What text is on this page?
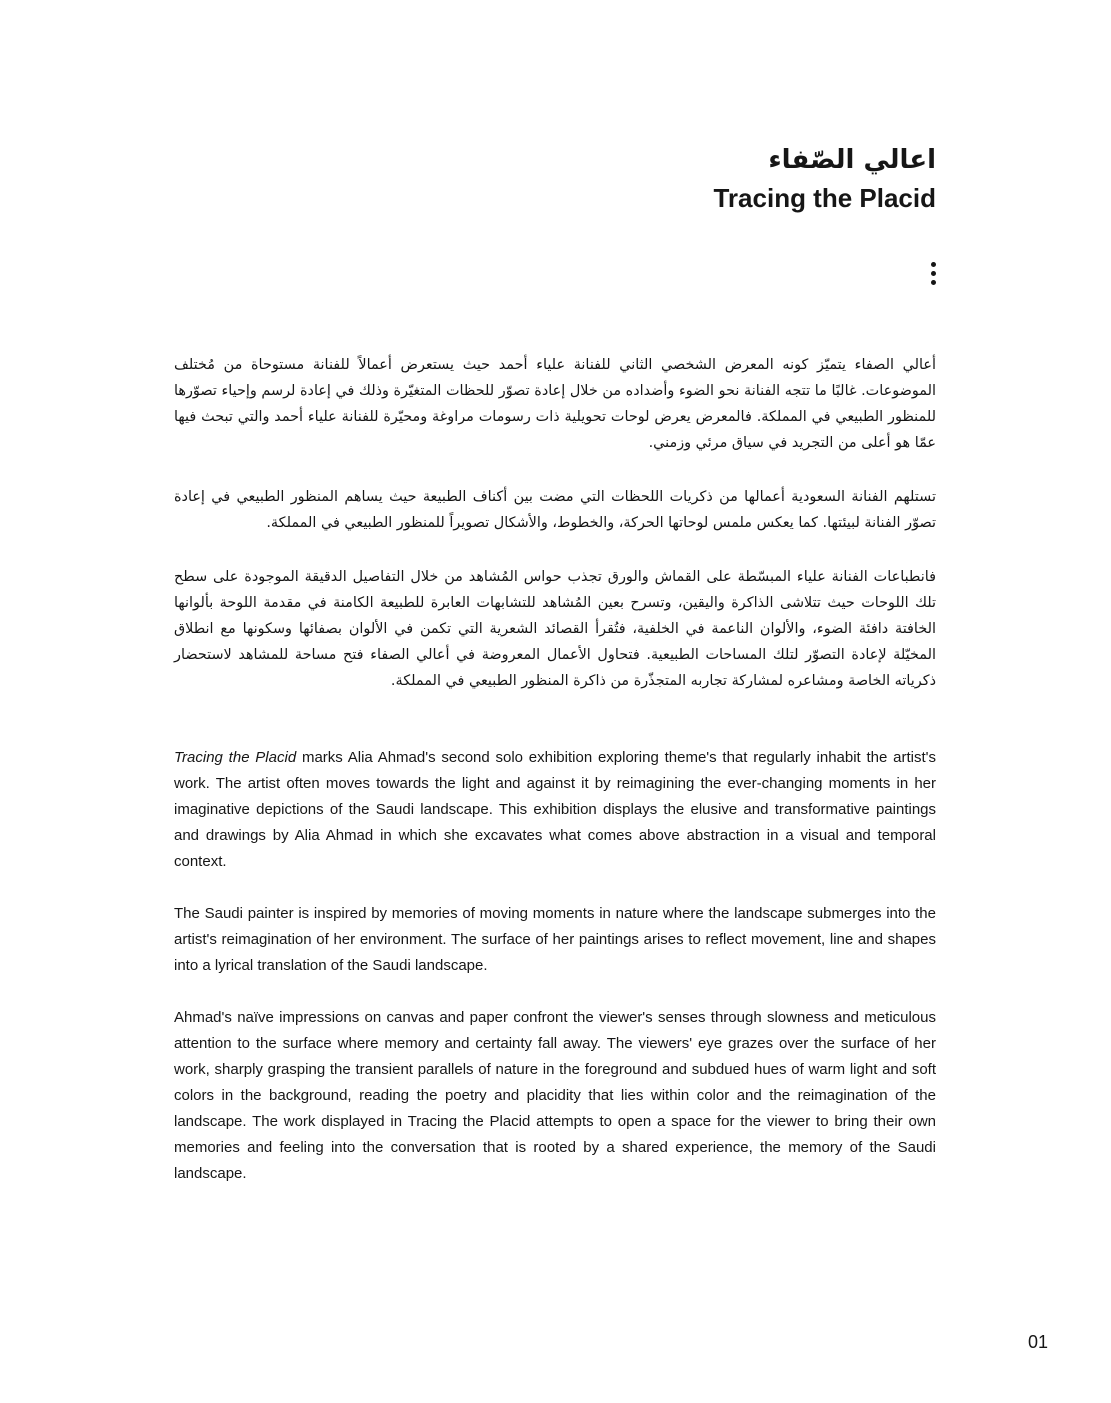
اعالي الصّفاء
Tracing the Placid

أعالي الصفاء يتميّز كونه المعرض الشخصي الثاني للفنانة علياء أحمد حيث يستعرض أعمالاً للفنانة مستوحاة من مُختلف الموضوعات. غالبًا ما تتجه الفنانة نحو الضوء وأضداده من خلال إعادة تصوّر للحظات المتغيّرة وذلك في إعادة لرسم وإحياء تصوّرها للمنظور الطبيعي في المملكة. فالمعرض يعرض لوحات تحويلية ذات رسومات مراوغة ومحيّرة للفنانة علياء أحمد والتي تبحث فيها عمّا هو أعلى من التجريد في سياق مرئي وزمني.

تستلهم الفنانة السعودية أعمالها من ذكريات اللحظات التي مضت بين أكناف الطبيعة حيث يساهم المنظور الطبيعي في إعادة تصوّر الفنانة لبيئتها. كما يعكس ملمس لوحاتها الحركة، والخطوط، والأشكال تصويراً للمنظور الطبيعي في المملكة.

فانطباعات الفنانة علياء المبسّطة على القماش والورق تجذب حواس المُشاهد من خلال التفاصيل الدقيقة الموجودة على سطح تلك اللوحات حيث تتلاشى الذاكرة واليقين، وتسرح بعين المُشاهد للتشابهات العابرة للطبيعة الكامنة في مقدمة اللوحة بألوانها الخافتة دافئة الضوء، والألوان الناعمة في الخلفية، فتُقرأ القصائد الشعرية التي تكمن في الألوان بصفائها وسكونها مع انطلاق المخيّلة لإعادة التصوّر لتلك المساحات الطبيعية. فتحاول الأعمال المعروضة في أعالي الصفاء فتح مساحة للمشاهد لاستحضار ذكرياته الخاصة ومشاعره لمشاركة تجاربه المتجذّرة من ذاكرة المنظور الطبيعي في المملكة.

Tracing the Placid marks Alia Ahmad's second solo exhibition exploring theme's that regularly inhabit the artist's work. The artist often moves towards the light and against it by reimagining the ever-changing moments in her imaginative depictions of the Saudi landscape. This exhibition displays the elusive and transformative paintings and drawings by Alia Ahmad in which she excavates what comes above abstraction in a visual and temporal context.

The Saudi painter is inspired by memories of moving moments in nature where the landscape submerges into the artist's reimagination of her environment. The surface of her paintings arises to reflect movement, line and shapes into a lyrical translation of the Saudi landscape.

Ahmad's naïve impressions on canvas and paper confront the viewer's senses through slowness and meticulous attention to the surface where memory and certainty fall away. The viewers' eye grazes over the surface of her work, sharply grasping the transient parallels of nature in the foreground and subdued hues of warm light and soft colors in the background, reading the poetry and placidity that lies within color and the reimagination of the landscape. The work displayed in Tracing the Placid attempts to open a space for the viewer to bring their own memories and feeling into the conversation that is rooted by a shared experience, the memory of the Saudi landscape.

01
